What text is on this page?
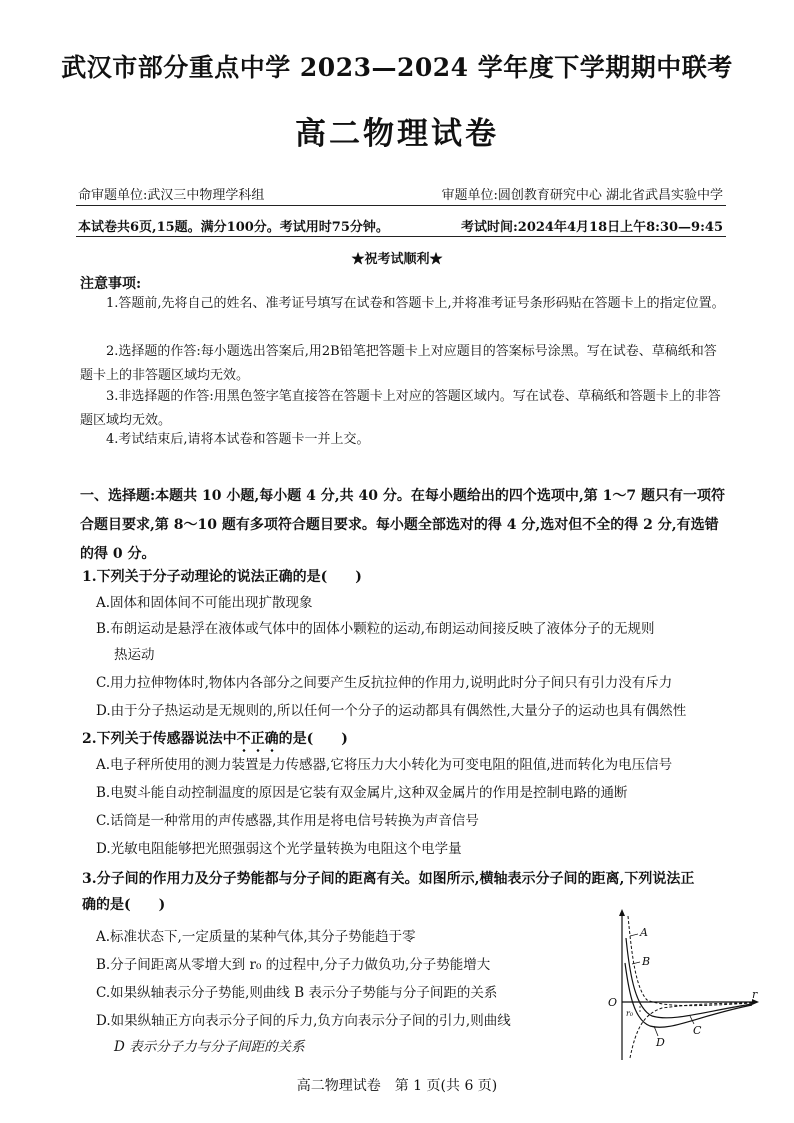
武汉市部分重点中学 2023—2024 学年度下学期期中联考
高二物理试卷
命审题单位:武汉三中物理学科组	审题单位:圆创教育研究中心 湖北省武昌实验中学
本试卷共6页,15题。满分100分。考试用时75分钟。	考试时间:2024年4月18日上午8:30—9:45
★祝考试顺利★
注意事项:
1.答题前,先将自己的姓名、准考证号填写在试卷和答题卡上,并将准考证号条形码贴在答题卡上的指定位置。
2.选择题的作答:每小题选出答案后,用2B铅笔把答题卡上对应题目的答案标号涂黑。写在试卷、草稿纸和答题卡上的非答题区域均无效。
3.非选择题的作答:用黑色签字笔直接答在答题卡上对应的答题区域内。写在试卷、草稿纸和答题卡上的非答题区域均无效。
4.考试结束后,请将本试卷和答题卡一并上交。
一、选择题:本题共 10 小题,每小题 4 分,共 40 分。在每小题给出的四个选项中,第 1～7 题只有一项符合题目要求,第 8～10 题有多项符合题目要求。每小题全部选对的得 4 分,选对但不全的得 2 分,有选错的得 0 分。
1.下列关于分子动理论的说法正确的是(　　)
A.固体和固体间不可能出现扩散现象
B.布朗运动是悬浮在液体或气体中的固体小颗粒的运动,布朗运动间接反映了液体分子的无规则
热运动
C.用力拉伸物体时,物体内各部分之间要产生反抗拉伸的作用力,说明此时分子间只有引力没有斥力
D.由于分子热运动是无规则的,所以任何一个分子的运动都具有偶然性,大量分子的运动也具有偶然性
2.下列关于传感器说法中不正确的是(　　)
A.电子秤所使用的测力装置是力传感器,它将压力大小转化为可变电阻的阻值,进而转化为电压信号
B.电熨斗能自动控制温度的原因是它装有双金属片,这种双金属片的作用是控制电路的通断
C.话筒是一种常用的声传感器,其作用是将电信号转换为声音信号
D.光敏电阻能够把光照强弱这个光学量转换为电阻这个电学量
3.分子间的作用力及分子势能都与分子间的距离有关。如图所示,横轴表示分子间的距离,下列说法正
确的是(　　)
A.标准状态下,一定质量的某种气体,其分子势能趋于零
B.分子间距离从零增大到 r₀ 的过程中,分子力做负功,分子势能增大
C.如果纵轴表示分子势能,则曲线 B 表示分子势能与分子间距的关系
D.如果纵轴正方向表示分子间的斥力,负方向表示分子间的引力,则曲线
D 表示分子力与分子间距的关系
A
B
C
D
O
r
r₀
高二物理试卷　第 1 页(共 6 页)
